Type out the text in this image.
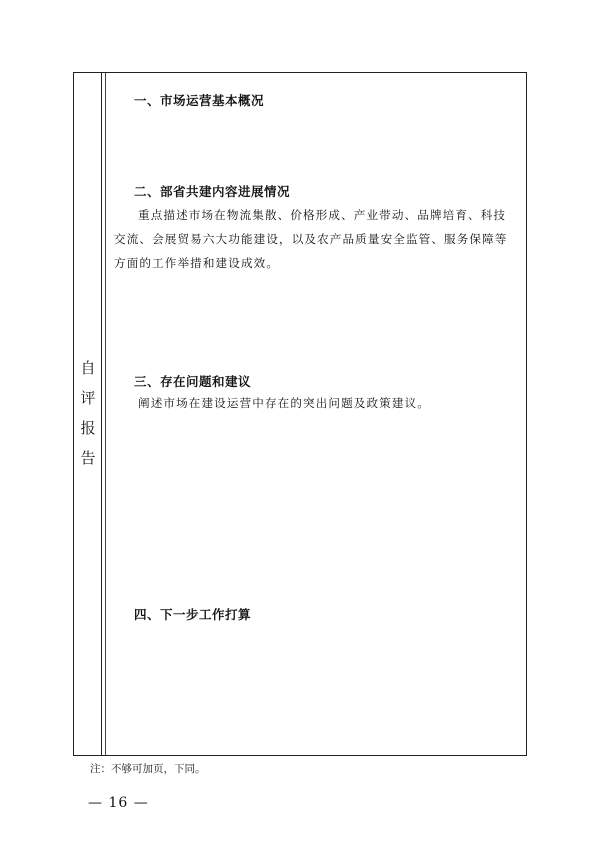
自
评
报
告
一、市场运营基本概况
二、部省共建内容进展情况
重点描述市场在物流集散、价格形成、产业带动、品牌培育、科技交流、会展贸易六大功能建设，以及农产品质量安全监管、服务保障等方面的工作举措和建设成效。
三、存在问题和建议
阐述市场在建设运营中存在的突出问题及政策建议。
四、下一步工作打算
注：不够可加页，下同。
— 16 —
